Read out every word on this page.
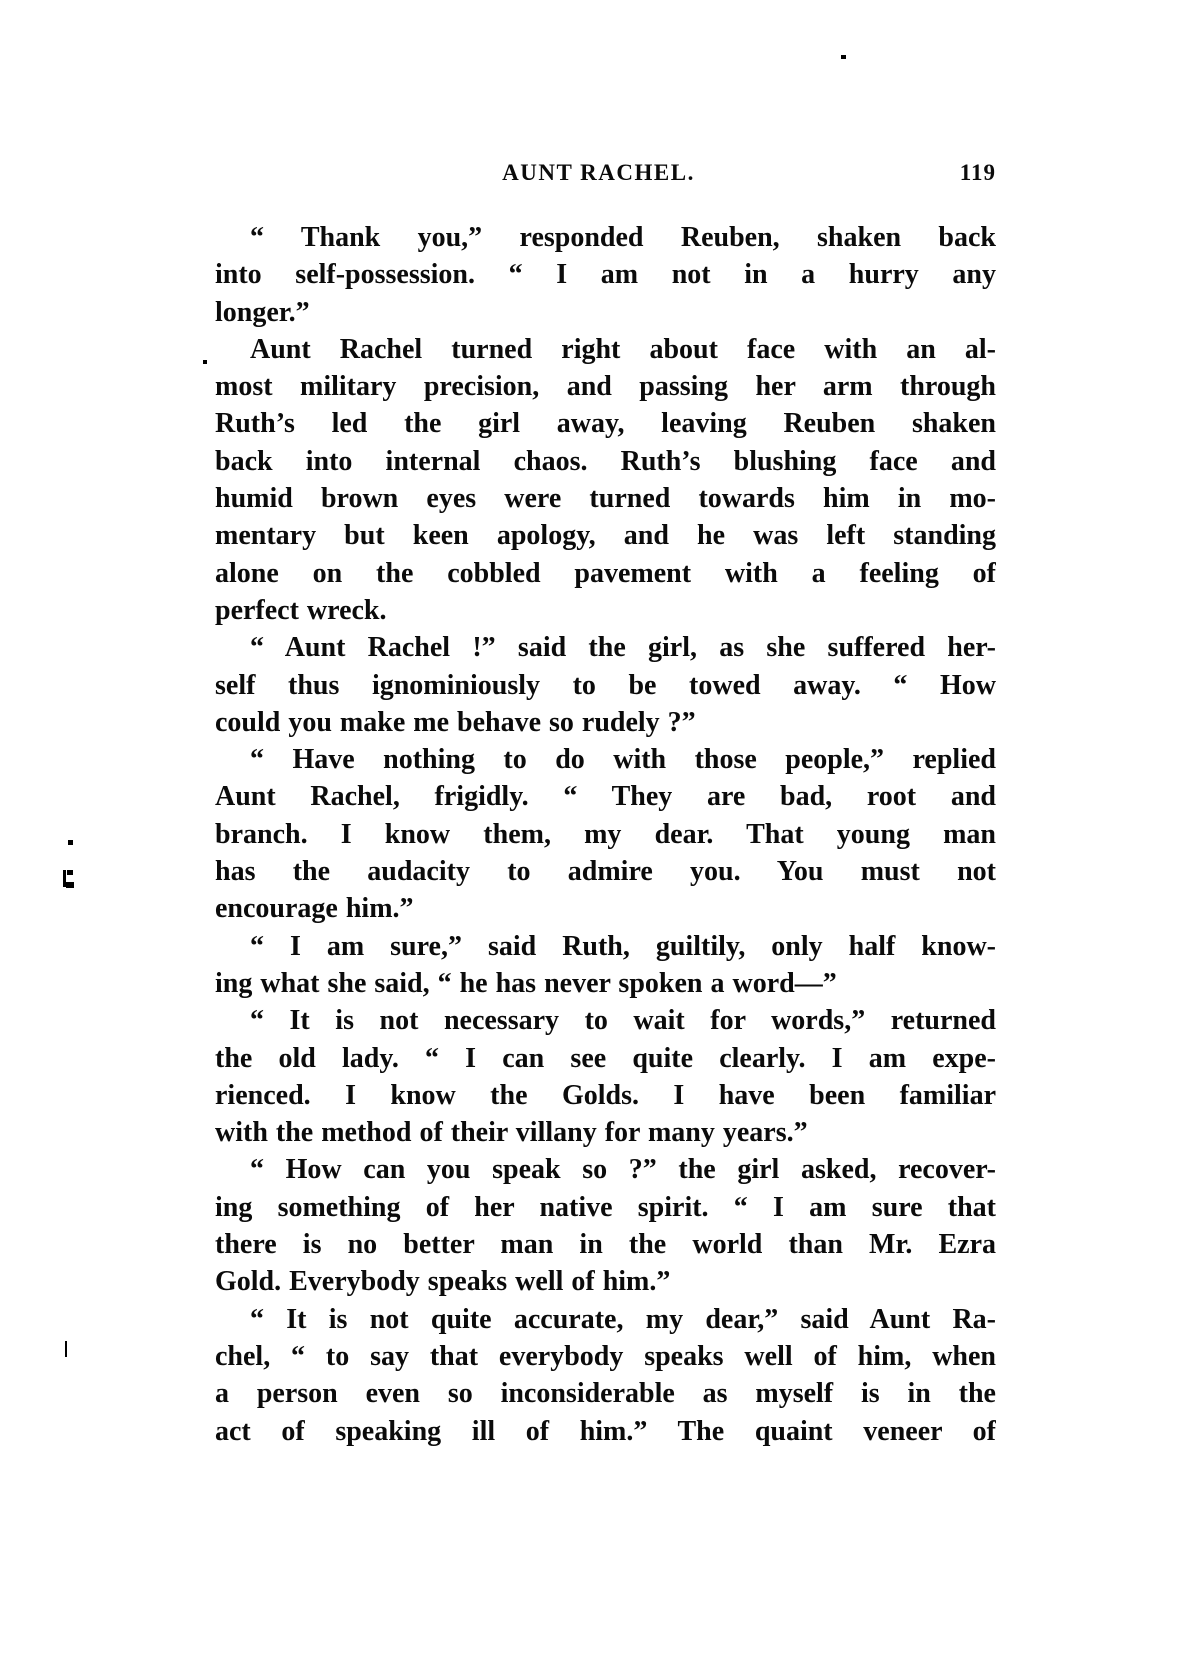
AUNT RACHEL.	119
“ Thank you,” responded Reuben, shaken back
into self-possession. “ I am not in a hurry any
longer.”
Aunt Rachel turned right about face with an al-
most military precision, and passing her arm through
Ruth’s led the girl away, leaving Reuben shaken
back into internal chaos. Ruth’s blushing face and
humid brown eyes were turned towards him in mo-
mentary but keen apology, and he was left standing
alone on the cobbled pavement with a feeling of
perfect wreck.
“ Aunt Rachel !” said the girl, as she suffered her-
self thus ignominiously to be towed away. “ How
could you make me behave so rudely ?”
“ Have nothing to do with those people,” replied
Aunt Rachel, frigidly. “ They are bad, root and
branch. I know them, my dear. That young man
has the audacity to admire you. You must not
encourage him.”
“ I am sure,” said Ruth, guiltily, only half know-
ing what she said, “ he has never spoken a word—”
“ It is not necessary to wait for words,” returned
the old lady. “ I can see quite clearly. I am expe-
rienced. I know the Golds. I have been familiar
with the method of their villany for many years.”
“ How can you speak so ?” the girl asked, recover-
ing something of her native spirit. “ I am sure that
there is no better man in the world than Mr. Ezra
Gold. Everybody speaks well of him.”
“ It is not quite accurate, my dear,” said Aunt Ra-
chel, “ to say that everybody speaks well of him, when
a person even so inconsiderable as myself is in the
act of speaking ill of him.” The quaint veneer of
